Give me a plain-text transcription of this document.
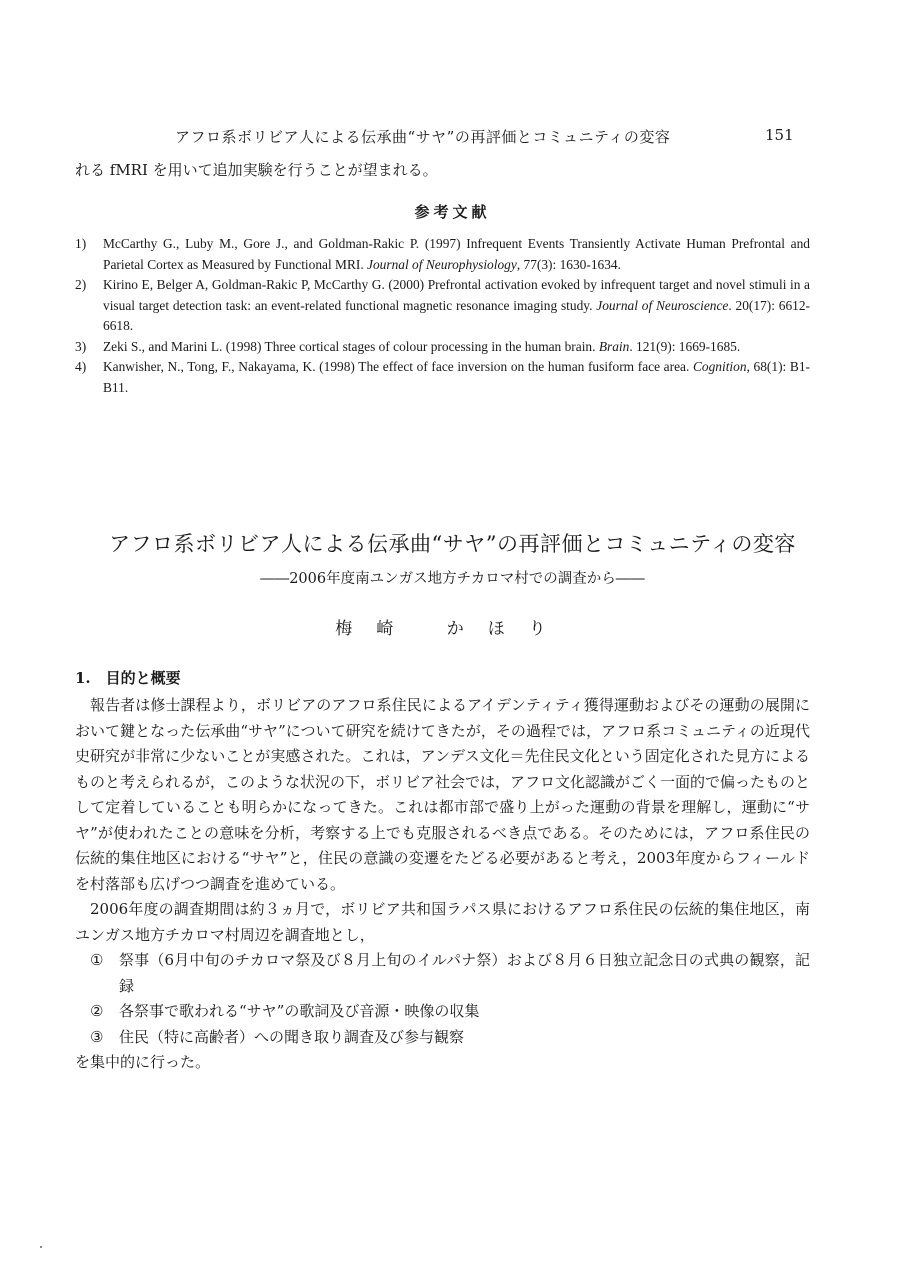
アフロ系ボリビア人による伝承曲“サヤ”の再評価とコミュニティの変容	151
れる fMRI を用いて追加実験を行うことが望まれる。
参考文献
1) McCarthy G., Luby M., Gore J., and Goldman-Rakic P. (1997) Infrequent Events Transiently Activate Human Prefrontal and Parietal Cortex as Measured by Functional MRI. Journal of Neurophysiology, 77(3): 1630-1634.
2) Kirino E, Belger A, Goldman-Rakic P, McCarthy G. (2000) Prefrontal activation evoked by infrequent target and novel stimuli in a visual target detection task: an event-related functional magnetic resonance imaging study. Journal of Neuroscience. 20(17): 6612-6618.
3) Zeki S., and Marini L. (1998) Three cortical stages of colour processing in the human brain. Brain. 121(9): 1669-1685.
4) Kanwisher, N., Tong, F., Nakayama, K. (1998) The effect of face inversion on the human fusiform face area. Cognition, 68(1): B1-B11.
アフロ系ボリビア人による伝承曲“サヤ”の再評価とコミュニティの変容
――2006年度南ユンガス地方チカロマ村での調査から――
梅崎 かほり
1.　目的と概要

報告者は修士課程より，ボリビアのアフロ系住民によるアイデンティティ獲得運動およびその運動の展開において鍵となった伝承曲“サヤ”について研究を続けてきたが，その過程では，アフロ系コミュニティの近現代史研究が非常に少ないことが実感された。これは，アンデス文化＝先住民文化という固定化された見方によるものと考えられるが，このような状況の下，ボリビア社会では，アフロ文化認識がごく一面的で偏ったものとして定着していることも明らかになってきた。これは都市部で盛り上がった運動の背景を理解し，運動に“サヤ”が使われたことの意味を分析，考察する上でも克服されるべき点である。そのためには，アフロ系住民の伝統的集住地区における“サヤ”と，住民の意識の変遷をたどる必要があると考え，2003年度からフィールドを村落部も広げつつ調査を進めている。

2006年度の調査期間は約３ヵ月で，ボリビア共和国ラパス県におけるアフロ系住民の伝統的集住地区，南ユンガス地方チカロマ村周辺を調査地とし，

① 祭事（6月中旬のチカロマ祭及び８月上旬のイルパナ祭）および８月６日独立記念日の式典の観察，記録

② 各祭事で歌われる“サヤ”の歌詞及び音源・映像の収集

③ 住民（特に高齢者）への聞き取り調査及び参与観察

を集中的に行った。
